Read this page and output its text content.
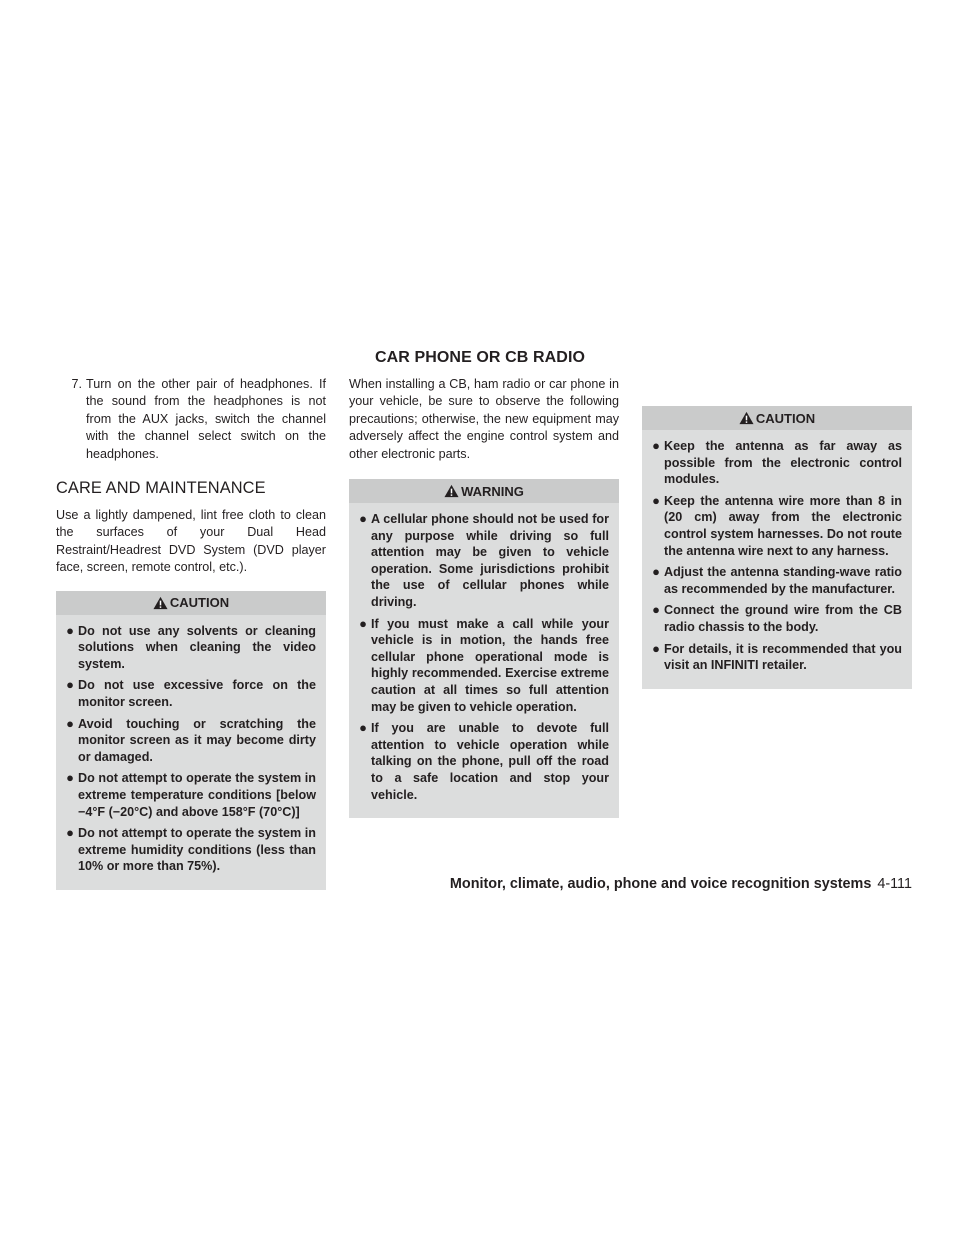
CAR PHONE OR CB RADIO
7. Turn on the other pair of headphones. If the sound from the headphones is not from the AUX jacks, switch the channel with the channel select switch on the headphones.
CARE AND MAINTENANCE

Use a lightly dampened, lint free cloth to clean the surfaces of your Dual Head Restraint/Headrest DVD System (DVD player face, screen, remote control, etc.).

CAUTION
● Do not use any solvents or cleaning solutions when cleaning the video system.
● Do not use excessive force on the monitor screen.
● Avoid touching or scratching the monitor screen as it may become dirty or damaged.
● Do not attempt to operate the system in extreme temperature conditions [below −4°F (−20°C) and above 158°F (70°C)]
● Do not attempt to operate the system in extreme humidity conditions (less than 10% or more than 75%).

When installing a CB, ham radio or car phone in your vehicle, be sure to observe the following precautions; otherwise, the new equipment may adversely affect the engine control system and other electronic parts.

WARNING
● A cellular phone should not be used for any purpose while driving so full attention may be given to vehicle operation. Some jurisdictions prohibit the use of cellular phones while driving.
● If you must make a call while your vehicle is in motion, the hands free cellular phone operational mode is highly recommended. Exercise extreme caution at all times so full attention may be given to vehicle operation.
● If you are unable to devote full attention to vehicle operation while talking on the phone, pull off the road to a safe location and stop your vehicle.
CAUTION
● Keep the antenna as far away as possible from the electronic control modules.
● Keep the antenna wire more than 8 in (20 cm) away from the electronic control system harnesses. Do not route the antenna wire next to any harness.
● Adjust the antenna standing-wave ratio as recommended by the manufacturer.
● Connect the ground wire from the CB radio chassis to the body.
● For details, it is recommended that you visit an INFINITI retailer.
Monitor, climate, audio, phone and voice recognition systems 4-111
